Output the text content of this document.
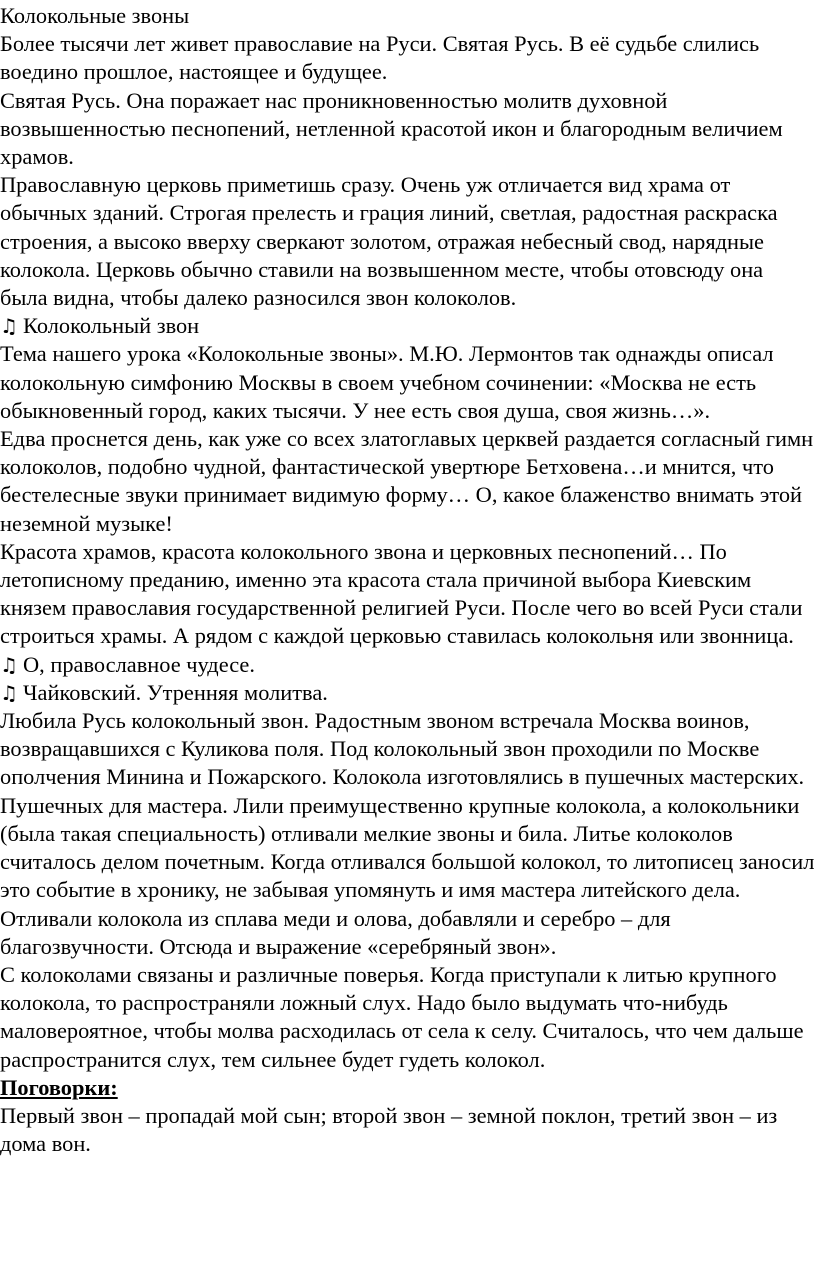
Колокольные звоны

Более тысячи лет живет православие на Руси. Святая Русь. В её судьбе слились воедино прошлое, настоящее и будущее.

Святая Русь. Она поражает нас проникновенностью молитв духовной возвышенностью песнопений, нетленной красотой икон и благородным величием храмов.

Православную церковь приметишь сразу. Очень уж отличается вид храма от обычных зданий. Строгая прелесть и грация линий, светлая, радостная раскраска строения, а высоко вверху сверкают золотом, отражая небесный свод, нарядные колокола. Церковь обычно ставили на возвышенном месте, чтобы отовсюду она была видна, чтобы далеко разносился звон колоколов.

♫ Колокольный звон

Тема нашего урока «Колокольные звоны». М.Ю. Лермонтов так однажды описал колокольную симфонию Москвы в своем учебном сочинении: «Москва не есть обыкновенный город, каких тысячи. У нее есть своя душа, своя жизнь…».

Едва проснется день, как уже со всех златоглавых церквей раздается согласный гимн колоколов, подобно чудной, фантастической увертюре Бетховена…и мнится, что бестелесные звуки принимает видимую форму… О, какое блаженство внимать этой неземной музыке!

Красота храмов, красота колокольного звона и церковных песнопений… По летописному преданию, именно эта красота стала причиной выбора Киевским князем православия государственной религией Руси. После чего во всей Руси стали строиться храмы. А рядом с каждой церковью ставилась колокольня или звонница.

♫ О, православное чудесе.

♫ Чайковский. Утренняя молитва.

Любила Русь колокольный звон. Радостным звоном встречала Москва воинов, возвращавшихся с Куликова поля. Под колокольный звон проходили по Москве ополчения Минина и Пожарского. Колокола изготовлялись в пушечных мастерских. Пушечных для мастера. Лили преимущественно крупные колокола, а колокольники (была такая специальность) отливали мелкие звоны и била. Литье колоколов считалось делом почетным. Когда отливался большой колокол, то литописец заносил это событие в хронику, не забывая упомянуть и имя мастера литейского дела.

Отливали колокола из сплава меди и олова, добавляли и серебро – для благозвучности. Отсюда и выражение «серебряный звон».

С колоколами связаны и различные поверья. Когда приступали к литью крупного колокола, то распространяли ложный слух. Надо было выдумать что-нибудь маловероятное, чтобы молва расходилась от села к селу. Считалось, что чем дальше распространится слух, тем сильнее будет гудеть колокол.

Поговорки:

Первый звон – пропадай мой сын; второй звон – земной поклон, третий звон – из дома вон.
